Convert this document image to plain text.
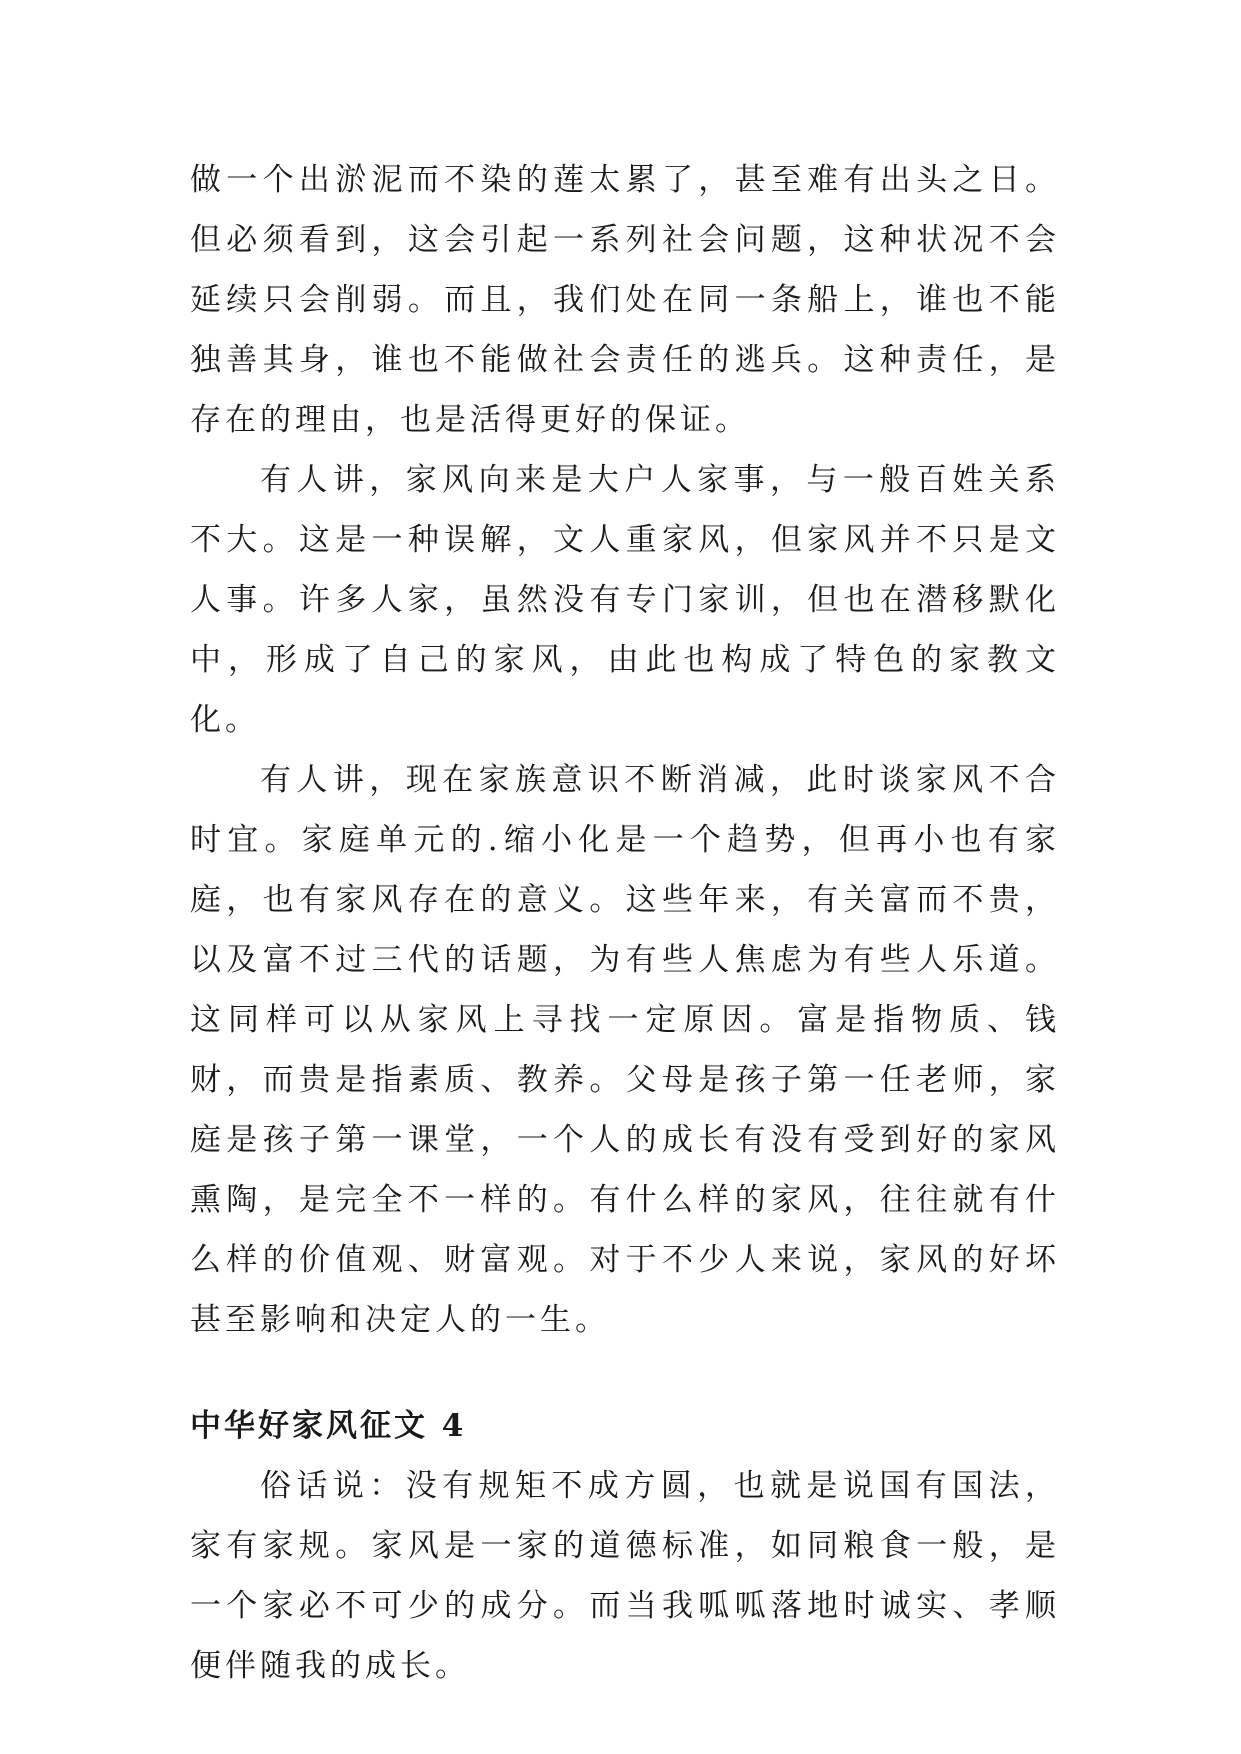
做一个出淤泥而不染的莲太累了，甚至难有出头之日。但必须看到，这会引起一系列社会问题，这种状况不会延续只会削弱。而且，我们处在同一条船上，谁也不能独善其身，谁也不能做社会责任的逃兵。这种责任，是存在的理由，也是活得更好的保证。

有人讲，家风向来是大户人家事，与一般百姓关系不大。这是一种误解，文人重家风，但家风并不只是文人事。许多人家，虽然没有专门家训，但也在潜移默化中，形成了自己的家风，由此也构成了特色的家教文化。

有人讲，现在家族意识不断消减，此时谈家风不合时宜。家庭单元的.缩小化是一个趋势，但再小也有家庭，也有家风存在的意义。这些年来，有关富而不贵，以及富不过三代的话题，为有些人焦虑为有些人乐道。这同样可以从家风上寻找一定原因。富是指物质、钱财，而贵是指素质、教养。父母是孩子第一任老师，家庭是孩子第一课堂，一个人的成长有没有受到好的家风熏陶，是完全不一样的。有什么样的家风，往往就有什么样的价值观、财富观。对于不少人来说，家风的好坏甚至影响和决定人的一生。

中华好家风征文 4

俗话说：没有规矩不成方圆，也就是说国有国法，家有家规。家风是一家的道德标准，如同粮食一般，是一个家必不可少的成分。而当我呱呱落地时诚实、孝顺便伴随我的成长。
